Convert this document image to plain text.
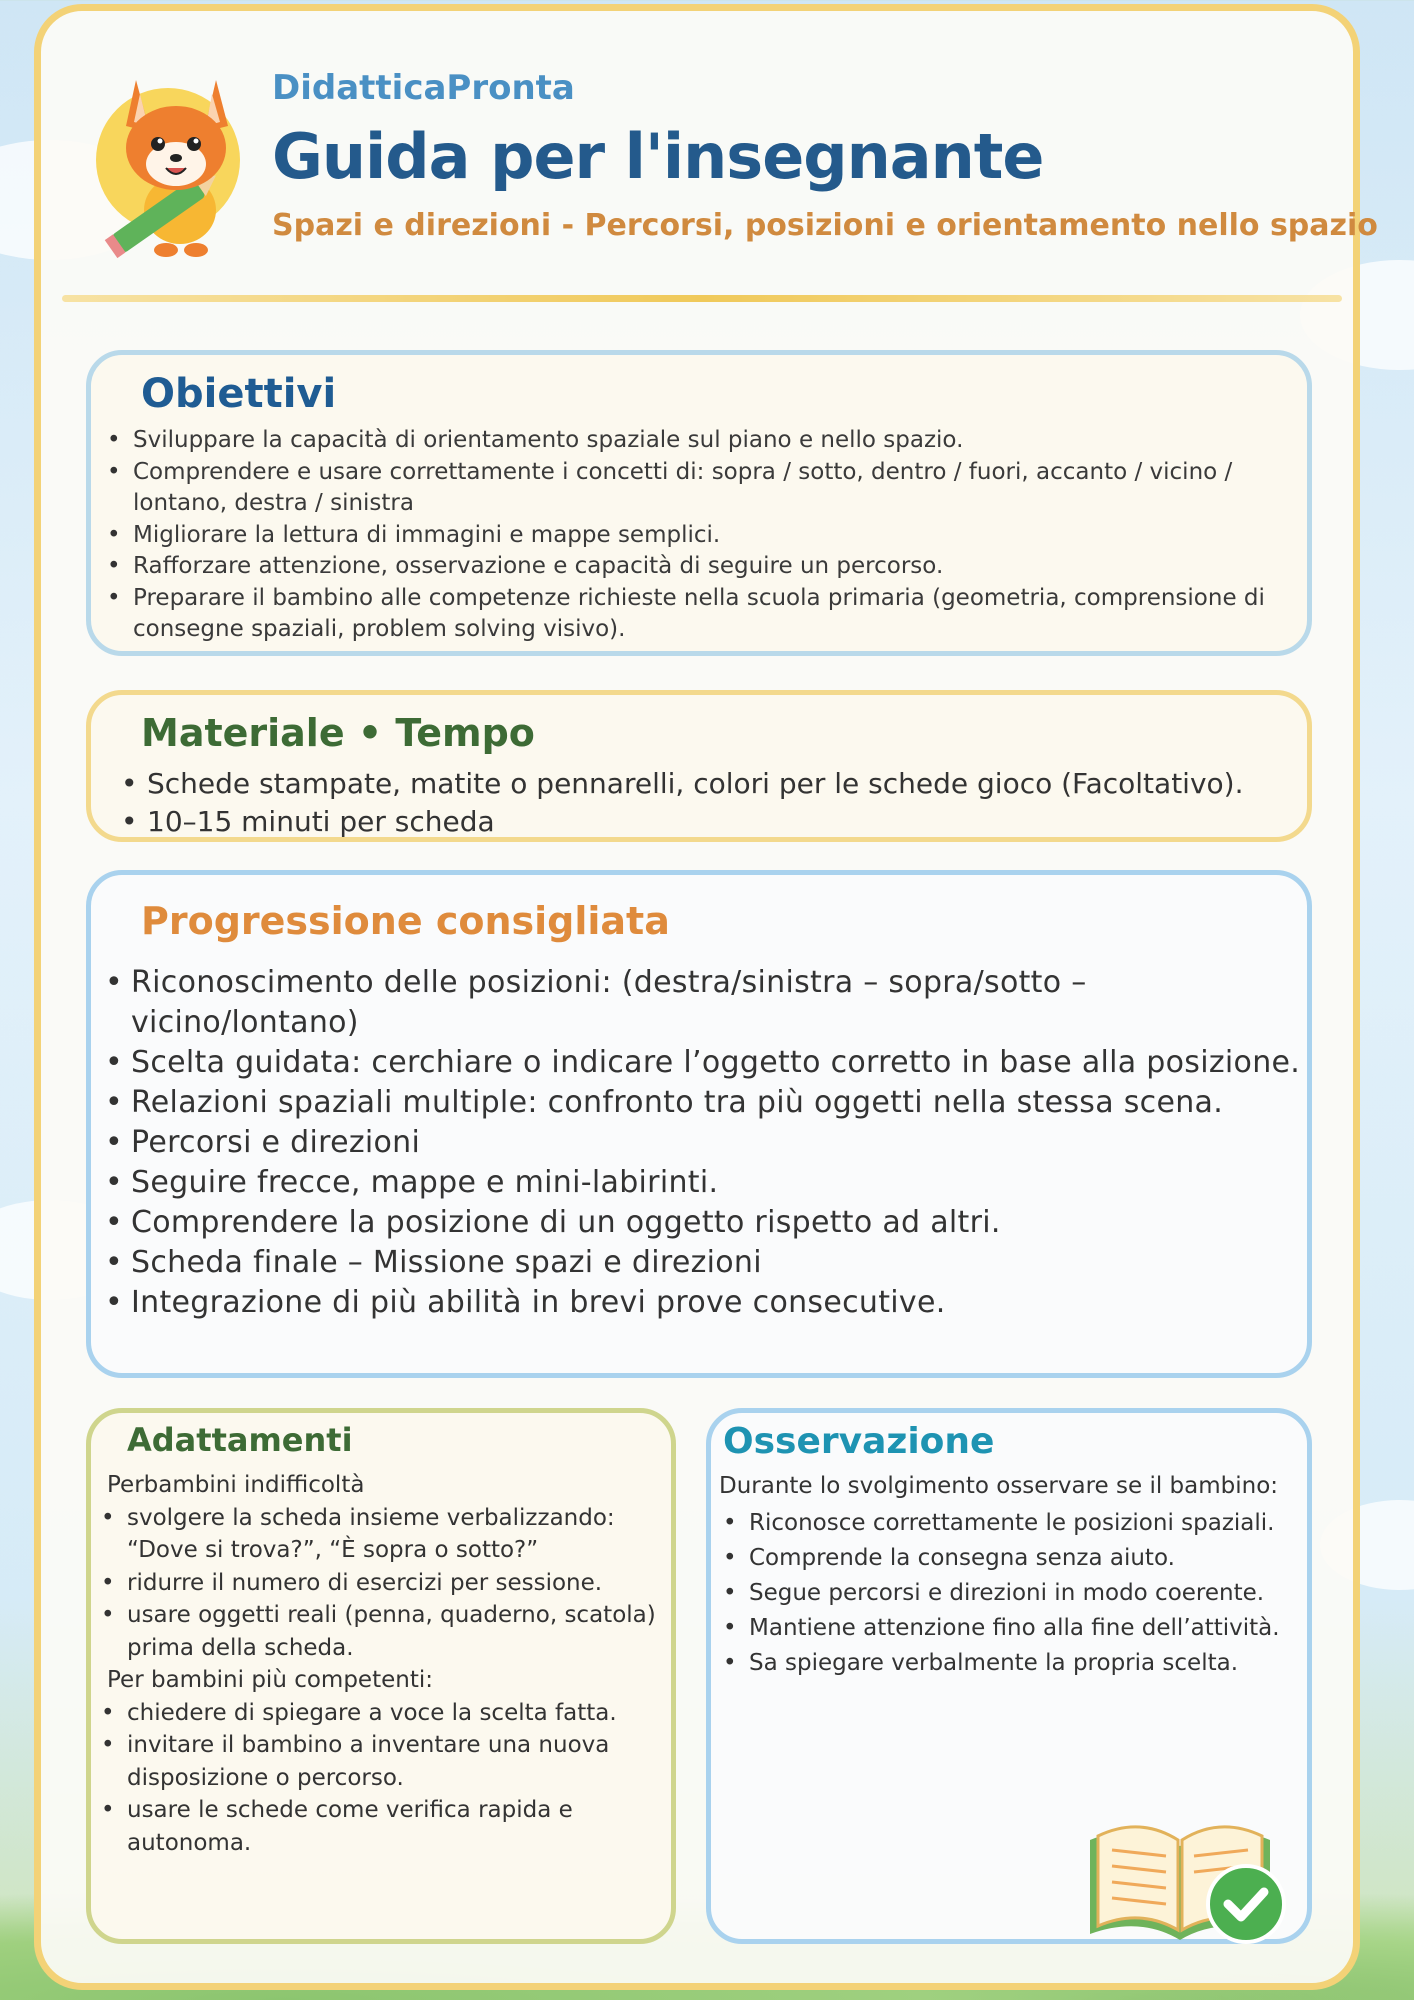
DidatticaPronta
Guida per l'insegnante
Spazi e direzioni - Percorsi, posizioni e orientamento nello spazio
Obiettivi
• Sviluppare la capacità di orientamento spaziale sul piano e nello spazio.
• Comprendere e usare correttamente i concetti di: sopra / sotto, dentro / fuori, accanto / vicino / lontano, destra / sinistra
• Migliorare la lettura di immagini e mappe semplici.
• Rafforzare attenzione, osservazione e capacità di seguire un percorso.
• Preparare il bambino alle competenze richieste nella scuola primaria (geometria, comprensione di consegne spaziali, problem solving visivo).
Materiale • Tempo
• Schede stampate, matite o pennarelli, colori per le schede gioco (Facoltativo).
• 10–15 minuti per scheda
Progressione consigliata
• Riconoscimento delle posizioni: (destra/sinistra – sopra/sotto – vicino/lontano)
• Scelta guidata: cerchiare o indicare l’oggetto corretto in base alla posizione.
• Relazioni spaziali multiple: confronto tra più oggetti nella stessa scena.
• Percorsi e direzioni
• Seguire frecce, mappe e mini-labirinti.
• Comprendere la posizione di un oggetto rispetto ad altri.
• Scheda finale – Missione spazi e direzioni
• Integrazione di più abilità in brevi prove consecutive.
Adattamenti

Perbambini indifficoltà

• svolgere la scheda insieme verbalizzando: “Dove si trova?”, “È sopra o sotto?”
• ridurre il numero di esercizi per sessione.
• usare oggetti reali (penna, quaderno, scatola) prima della scheda.

Per bambini più competenti:

• chiedere di spiegare a voce la scelta fatta.
• invitare il bambino a inventare una nuova disposizione o percorso.
• usare le schede come verifica rapida e autonoma.
Osservazione

Durante lo svolgimento osservare se il bambino:

• Riconosce correttamente le posizioni spaziali.
• Comprende la consegna senza aiuto.
• Segue percorsi e direzioni in modo coerente.
• Mantiene attenzione fino alla fine dell’attività.
• Sa spiegare verbalmente la propria scelta.
